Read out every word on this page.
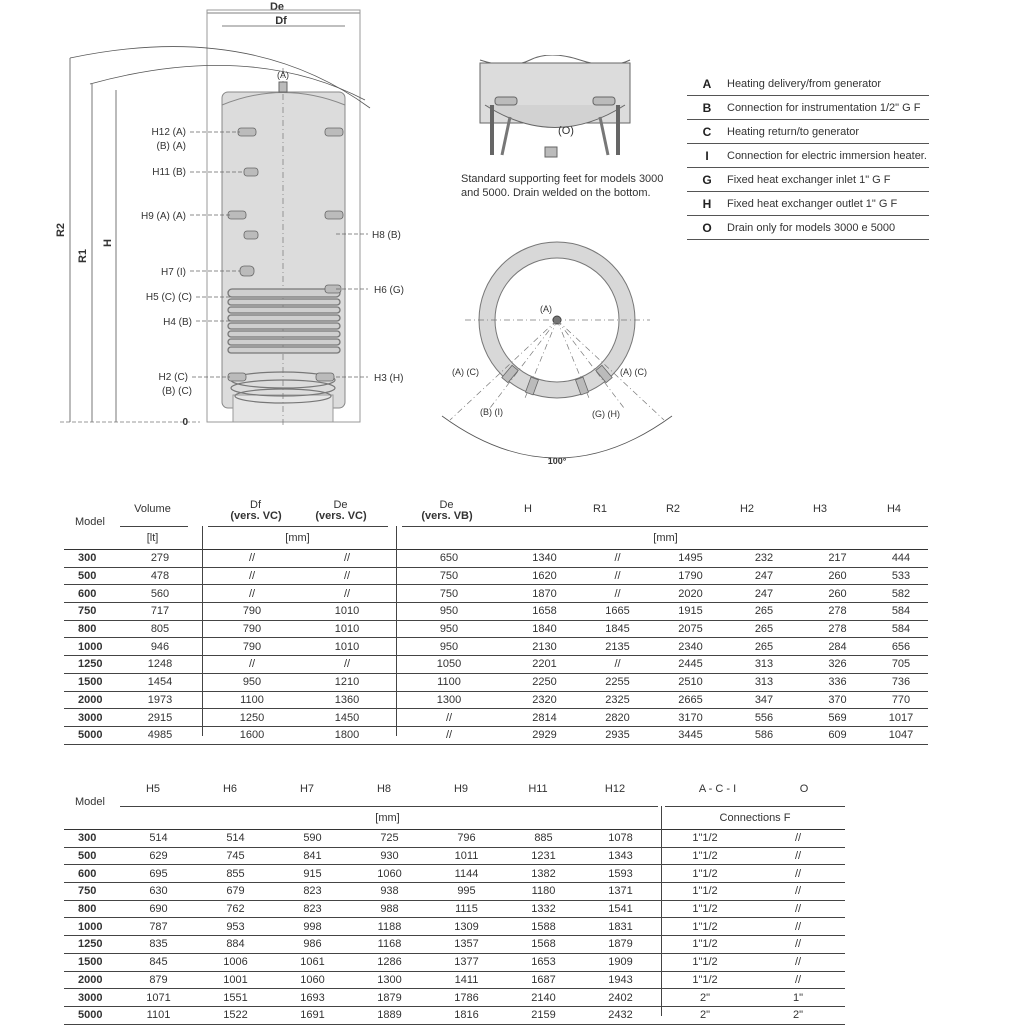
De
Df
(A)
R2
R1
H
H12 (A)
(B) (A)
H11 (B)
H9 (A) (A)
H7 (I)
H5 (C) (C)
H4 (B)
H2 (C)
(B) (C)
0
H8 (B)
H6 (G)
H3 (H)
(O)
Standard supporting feet for models 3000 and 5000. Drain welded on the bottom.
(A)
(A) (C)	(A) (C)
(B) (I)	(G) (H)
100°
A	Heating delivery/from generator
B	Connection for instrumentation 1/2" G F
C	Heating return/to generator
I	Connection for electric immersion heater.
G	Fixed heat exchanger inlet 1" G F
H	Fixed heat exchanger outlet 1" G F
O	Drain only for models 3000 e 5000
Model
Volume	Df
(vers. VC)
De
(vers. VC)
De
(vers. VB)
H	R1	R2	H2	H3	H4
[lt]	[mm]	[mm]
300	279	//	//	650	1340	//	1495	232	217	444
500	478	//	//	750	1620	//	1790	247	260	533
600	560	//	//	750	1870	//	2020	247	260	582
750	717	790	1010	950	1658	1665	1915	265	278	584
800	805	790	1010	950	1840	1845	2075	265	278	584
1000	946	790	1010	950	2130	2135	2340	265	284	656
1250	1248	//	//	1050	2201	//	2445	313	326	705
1500	1454	950	1210	1100	2250	2255	2510	313	336	736
2000	1973	1100	1360	1300	2320	2325	2665	347	370	770
3000	2915	1250	1450	//	2814	2820	3170	556	569	1017
5000	4985	1600	1800	//	2929	2935	3445	586	609	1047
Model
H5	H6	H7	H8	H9	H11	H12	A - C - I	O
[mm]	Connections F
300	514	514	590	725	796	885	1078	1"1/2	//
500	629	745	841	930	1011	1231	1343	1"1/2	//
600	695	855	915	1060	1144	1382	1593	1"1/2	//
750	630	679	823	938	995	1180	1371	1"1/2	//
800	690	762	823	988	1115	1332	1541	1"1/2	//
1000	787	953	998	1188	1309	1588	1831	1"1/2	//
1250	835	884	986	1168	1357	1568	1879	1"1/2	//
1500	845	1006	1061	1286	1377	1653	1909	1"1/2	//
2000	879	1001	1060	1300	1411	1687	1943	1"1/2	//
3000	1071	1551	1693	1879	1786	2140	2402	2"	1"
5000	1101	1522	1691	1889	1816	2159	2432	2"	2"
